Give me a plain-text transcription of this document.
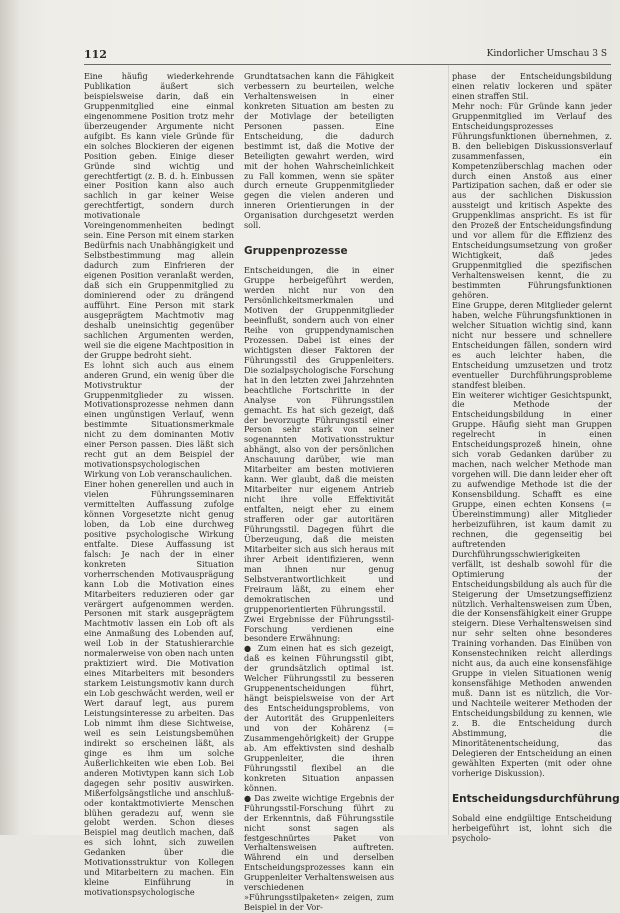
112	Kindorlicher Umschau 3 S

Eine häufig wiederkehrende Publikation äußert sich beispielsweise darin, daß ein Gruppenmitglied eine einmal eingenommene Position trotz mehr überzeugender Argumente nicht aufgibt. Es kann viele Gründe für ein solches Blockieren der eigenen Position geben. Einige dieser Gründe sind wichtig und gerechtfertigt (z. B. d. h. Einbussen einer Position kann also auch sachlich in gar keiner Weise gerechtfertigt, sondern durch motivationale Voreingenommenheiten bedingt sein. Eine Person mit einem starken Bedürfnis nach Unabhängigkeit und Selbstbestimmung mag allein dadurch zum Einfrieren der eigenen Position veranlaßt werden, daß sich ein Gruppenmitglied zu dominierend oder zu drängend aufführt. Eine Person mit stark ausgeprägtem Machtmotiv mag deshalb uneinsichtig gegenüber sachlichen Argumenten werden, weil sie die eigene Machtposition in der Gruppe bedroht sieht.

Es lohnt sich auch aus einem anderen Grund, ein wenig über die Motivstruktur der Gruppenmitglieder zu wissen. Motivationsprozesse nehmen dann einen ungünstigen Verlauf, wenn bestimmte Situationsmerkmale nicht zu dem dominanten Motiv einer Person passen. Dies läßt sich recht gut an dem Beispiel der motivationspsychologischen Wirkung von Lob veranschaulichen.

Einer hohen generellen und auch in vielen Führungsseminaren vermittelten Auffassung zufolge können Vorgesetzte nicht genug loben, da Lob eine durchweg positive psychologische Wirkung entfalte. Diese Auffassung ist falsch: Je nach der in einer konkreten Situation vorherrschenden Motivausprägung kann Lob die Motivation eines Mitarbeiters reduzieren oder gar verärgert aufgenommen werden. Personen mit stark ausgeprägtem Machtmotiv lassen ein Lob oft als eine Anmaßung des Lobenden auf, weil Lob in der Statushierarchie normalerweise von oben nach unten praktiziert wird. Die Motivation eines Mitarbeiters mit besonders starkem Leistungsmotiv kann durch ein Lob geschwächt werden, weil er Wert darauf legt, aus purem Leistungsinteresse zu arbeiten. Das Lob nimmt ihm diese Sichtweise, weil es sein Leistungsbemühen indirekt so erscheinen läßt, als ginge es ihm um solche Äußerlichkeiten wie eben Lob. Bei anderen Motivtypen kann sich Lob dagegen sehr positiv auswirken. Mißerfolgsängstliche und anschluß- oder kontaktmotivierte Menschen blühen geradezu auf, wenn sie gelobt werden. Schon dieses Beispiel mag deutlich machen, daß es sich lohnt, sich zuweilen Gedanken über die Motivationsstruktur von Kollegen und Mitarbeitern zu machen. Ein kleine Einführung in motivationspsychologische

Grundtatsachen kann die Fähigkeit verbessern zu beurteilen, welche Verhaltensweisen in einer konkreten Situation am besten zu der Motivlage der beteiligten Personen passen. Eine Entscheidung, die dadurch bestimmt ist, daß die Motive der Beteiligten gewahrt werden, wird mit der hohen Wahrscheinlichkeit zu Fall kommen, wenn sie später durch erneute Gruppenmitglieder gegen die vielen anderen und inneren Orientierungen in der Organisation durchgesetzt werden soll.

Gruppenprozesse

Entscheidungen, die in einer Gruppe herbeigeführt werden, werden nicht nur von den Persönlichkeitsmerkmalen und Motiven der Gruppenmitglieder beeinflußt, sondern auch von einer Reihe von gruppendynamischen Prozessen. Dabei ist eines der wichtigsten dieser Faktoren der Führungsstil des Gruppenleiters. Die sozialpsychologische Forschung hat in den letzten zwei Jahrzehnten beachtliche Fortschritte in der Analyse von Führungsstilen gemacht. Es hat sich gezeigt, daß der bevorzugte Führungsstil einer Person sehr stark von seiner sogenannten Motivationsstruktur abhängt, also von der persönlichen Anschauung darüber, wie man Mitarbeiter am besten motivieren kann. Wer glaubt, daß die meisten Mitarbeiter nur eigenem Antrieb nicht ihre volle Effektivität entfalten, neigt eher zu einem strafferen oder gar autoritären Führungsstil. Dagegen führt die Überzeugung, daß die meisten Mitarbeiter sich aus sich heraus mit ihrer Arbeit identifizieren, wenn man ihnen nur genug Selbstverantwortlichkeit und Freiraum läßt, zu einem eher demokratischen und gruppenorientierten Führungsstil.

Zwei Ergebnisse der Führungsstil-Forschung verdienen eine besondere Erwähnung:

● Zum einen hat es sich gezeigt, daß es keinen Führungsstil gibt, der grundsätzlich optimal ist. Welcher Führungsstil zu besseren Gruppenentscheidungen führt, hängt beispielsweise von der Art des Entscheidungsproblems, von der Autorität des Gruppenleiters und von der Kohärenz (= Zusammengehörigkeit) der Gruppe ab. Am effektivsten sind deshalb Gruppenleiter, die ihren Führungsstil flexibel an die konkreten Situation anpassen können.

● Das zweite wichtige Ergebnis der Führungsstil-Forschung führt zu der Erkenntnis, daß Führungsstile nicht sonst sagen als festgeschnürtes Paket von Verhaltensweisen auftreten. Während ein und derselben Entscheidungsprozesses kann ein Gruppenleiter Verhaltensweisen aus verschiedenen »Führungsstilpaketen« zeigen, zum Beispiel in der Vor-

phase der Entscheidungsbildung einen relativ lockeren und später einen straffen Stil.

Mehr noch: Für Gründe kann jeder Gruppenmitglied im Verlauf des Entscheidungsprozesses Führungsfunktionen übernehmen, z. B. den beliebigen Diskussionsverlauf zusammenfassen, ein Kompetenzüberschlag machen oder durch einen Anstoß aus einer Partizipation sachen, daß er oder sie aus der sachlichen Diskussion aussteigt und kritisch Aspekte des Gruppenklimas anspricht. Es ist für den Prozeß der Entscheidungsfindung und vor allem für die Effizienz des Entscheidungsumsetzung von großer Wichtigkeit, daß jedes Gruppenmitglied die spezifischen Verhaltensweisen kennt, die zu bestimmten Führungsfunktionen gehören.

Eine Gruppe, deren Mitglieder gelernt haben, welche Führungsfunktionen in welcher Situation wichtig sind, kann nicht nur bessere und schnellere Entscheidungen fällen, sondern wird es auch leichter haben, die Entscheidung umzusetzen und trotz eventueller Durchführungsprobleme standfest bleiben.

Ein weiterer wichtiger Gesichtspunkt, die Methode der Entscheidungsbildung in einer Gruppe. Häufig sieht man Gruppen regelrecht in einen Entscheidungsprozeß hinein, ohne sich vorab Gedanken darüber zu machen, nach welcher Methode man vorgehen will. Die dann leider eher oft zu aufwendige Methode ist die der Konsensbildung. Schafft es eine Gruppe, einen echten Konsens (= Übereinstimmung) aller Mitglieder herbeizuführen, ist kaum damit zu rechnen, die gegenseitig bei auftretenden Durchführungsschwierigkeiten verfällt, ist deshalb sowohl für die Optimierung der Entscheidungsbildung als auch für die Steigerung der Umsetzungseffizienz nützlich. Verhaltensweisen zum Üben, die der Konsensfähigkeit einer Gruppe steigern. Diese Verhaltensweisen sind nur sehr selten ohne besonderes Training vorhanden. Das Einüben von Konsenstechniken reicht allerdings nicht aus, da auch eine konsensfähige Gruppe in vielen Situationen wenig konsensfähige Methoden anwenden muß. Dann ist es nützlich, die Vor- und Nachteile weiterer Methoden der Entscheidungsbildung zu kennen, wie z. B. die Entscheidung durch Abstimmung, die Minoritätenentscheidung, das Delegieren der Entscheidung an einen gewählten Experten (mit oder ohne vorherige Diskussion).

Entscheidungsdurchführung

Sobald eine endgültige Entscheidung herbeigeführt ist, lohnt sich die psycholo-
